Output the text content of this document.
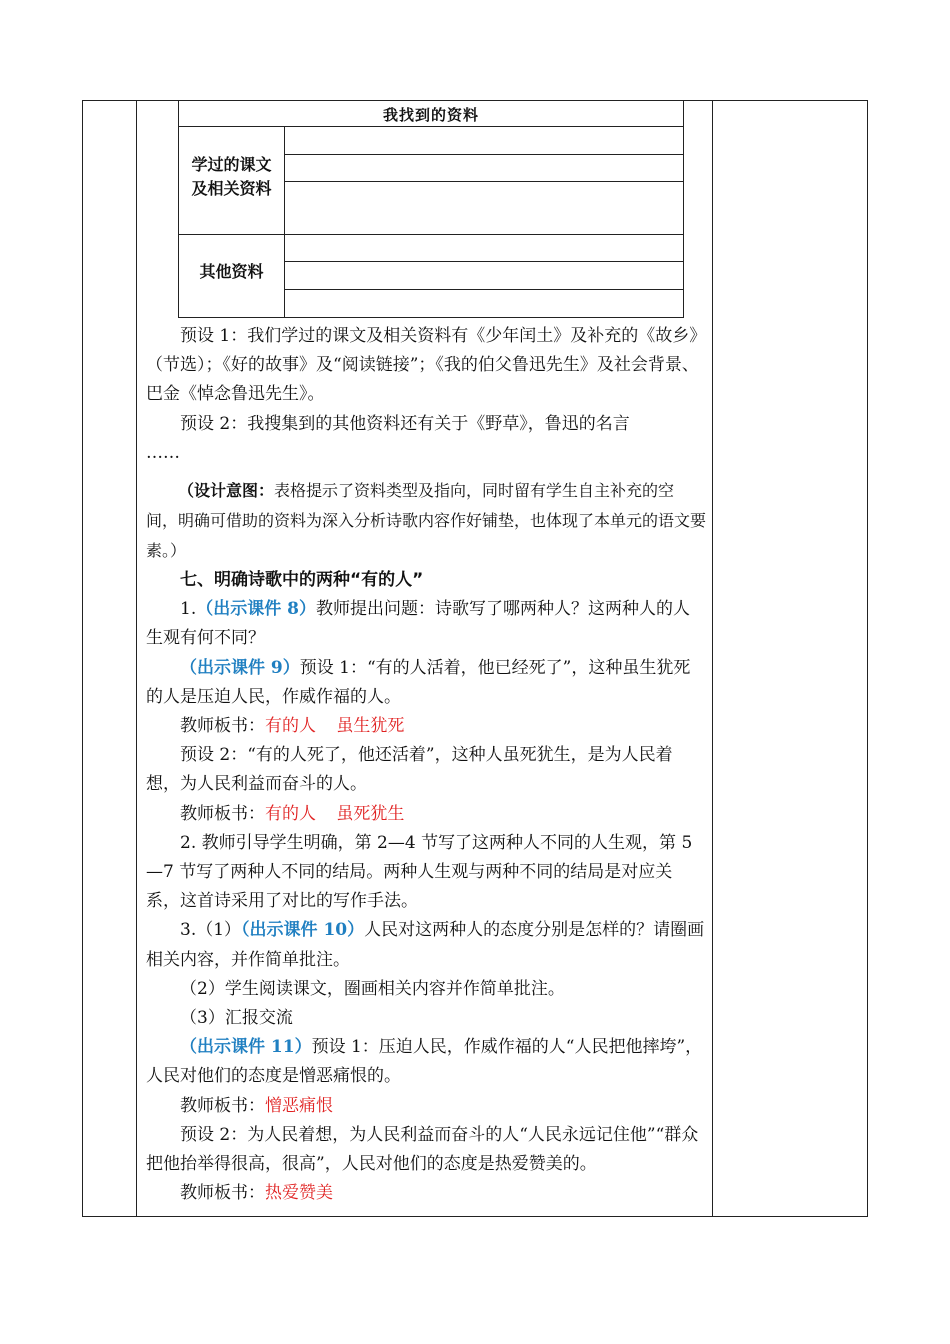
我找到的资料
学过的课文
及相关资料
其他资料

预设 1：我们学过的课文及相关资料有《少年闰土》及补充的《故乡》（节选）；《好的故事》及“阅读链接”；《我的伯父鲁迅先生》及社会背景、巴金《悼念鲁迅先生》。

预设 2：我搜集到的其他资料还有关于《野草》，鲁迅的名言

……

（设计意图：表格提示了资料类型及指向，同时留有学生自主补充的空间，明确可借助的资料为深入分析诗歌内容作好铺垫，也体现了本单元的语文要素。）

七、明确诗歌中的两种“有的人”

1.（出示课件 8）教师提出问题：诗歌写了哪两种人？这两种人的人生观有何不同？

（出示课件 9）预设 1：“有的人活着，他已经死了”，这种虽生犹死的人是压迫人民，作威作福的人。

教师板书：有的人 虽生犹死

预设 2：“有的人死了，他还活着”，这种人虽死犹生，是为人民着想，为人民利益而奋斗的人。

教师板书：有的人 虽死犹生

2. 教师引导学生明确，第 2—4 节写了这两种人不同的人生观，第 5—7 节写了两种人不同的结局。两种人生观与两种不同的结局是对应关系，这首诗采用了对比的写作手法。

3.（1）（出示课件 10）人民对这两种人的态度分别是怎样的？请圈画相关内容，并作简单批注。

（2）学生阅读课文，圈画相关内容并作简单批注。

（3）汇报交流

（出示课件 11）预设 1：压迫人民，作威作福的人“人民把他摔垮”，人民对他们的态度是憎恶痛恨的。

教师板书：憎恶痛恨

预设 2：为人民着想，为人民利益而奋斗的人“人民永远记住他”“群众把他抬举得很高，很高”，人民对他们的态度是热爱赞美的。

教师板书：热爱赞美
